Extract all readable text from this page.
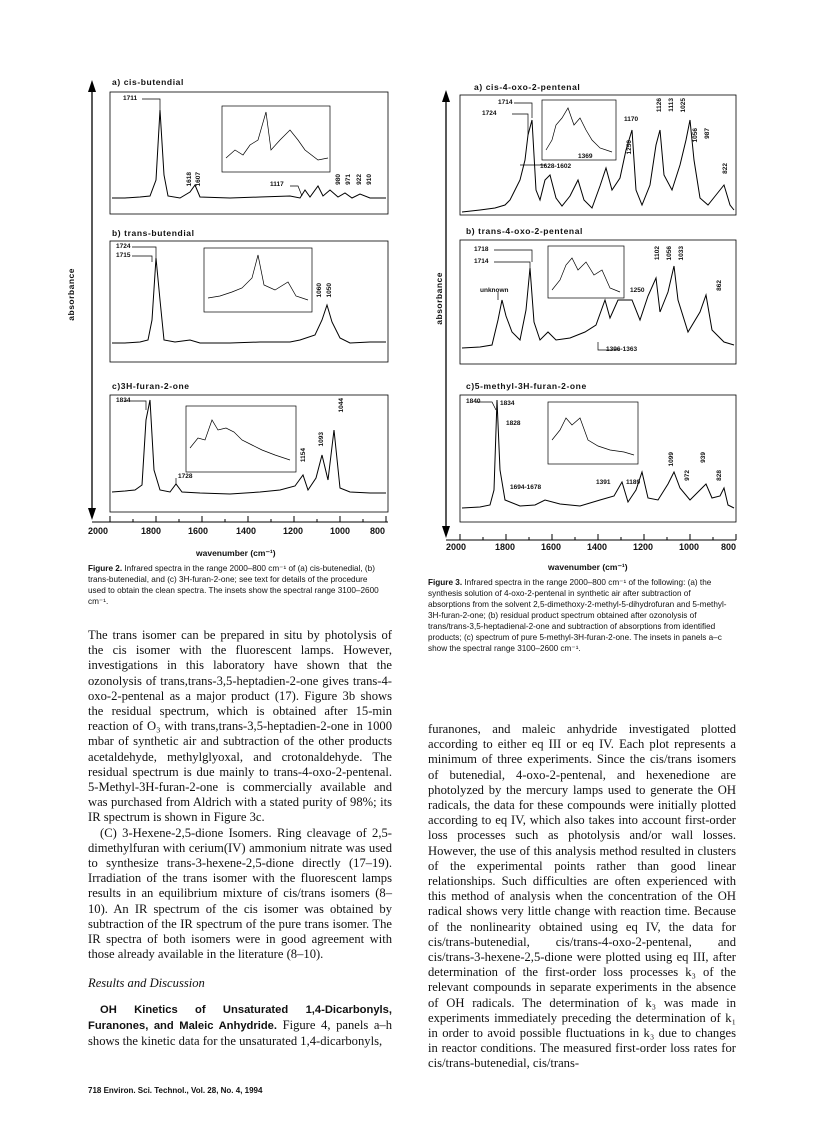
a) cis-butendial
b) trans-butendial
c)3H-furan-2-one
absorbance
1711
1117
1618 1607	980 971 922 910
1724
1715
1060 1050
1834
1728
1044
1154
1093
2000	1800	1600	1400	1200	1000 800
wavenumber (cm⁻¹)
Figure 2. Infrared spectra in the range 2000–800 cm⁻¹ of (a) cis-butenedial, (b) trans-butenedial, and (c) 3H-furan-2-one; see text for details of the procedure used to obtain the clean spectra. The insets show the spectral range 3100–2600 cm⁻¹.
a) cis-4-oxo-2-pentenal
b) trans-4-oxo-2-pentenal
c)5-methyl-3H-furan-2-one
absorbance
1714
1724
1170
1369
1628-1602
1126 1113 1025
1056 987
1250
822
1718
1714
unknown	1250
1396-1363
1102 1056 1033
862
1840	1834
1828
1391 1189
1694-1678
1099	939
972	828
2000	1800	1600	1400	1200	1000 800
wavenumber (cm⁻¹)
Figure 3. Infrared spectra in the range 2000–800 cm⁻¹ of the following: (a) the synthesis solution of 4-oxo-2-pentenal in synthetic air after subtraction of absorptions from the solvent 2,5-dimethoxy-2-methyl-5-dihydrofuran and 5-methyl-3H-furan-2-one; (b) residual product spectrum obtained after ozonolysis of trans/trans-3,5-heptadienal-2-one and subtraction of absorptions from identified products; (c) spectrum of pure 5-methyl-3H-furan-2-one. The insets in panels a–c show the spectral range 3100–2600 cm⁻¹.

The trans isomer can be prepared in situ by photolysis of the cis isomer with the fluorescent lamps. However, investigations in this laboratory have shown that the ozonolysis of trans,trans-3,5-heptadien-2-one gives trans-4-oxo-2-pentenal as a major product (17). Figure 3b shows the residual spectrum, which is obtained after 15-min reaction of O₃ with trans,trans-3,5-heptadien-2-one in 1000 mbar of synthetic air and subtraction of the other products acetaldehyde, methylglyoxal, and crotonaldehyde. The residual spectrum is due mainly to trans-4-oxo-2-pentenal. 5-Methyl-3H-furan-2-one is commercially available and was purchased from Aldrich with a stated purity of 98%; its IR spectrum is shown in Figure 3c.

(C) 3-Hexene-2,5-dione Isomers. Ring cleavage of 2,5-dimethylfuran with cerium(IV) ammonium nitrate was used to synthesize trans-3-hexene-2,5-dione directly (17–19). Irradiation of the trans isomer with the fluorescent lamps results in an equilibrium mixture of cis/trans isomers (8–10). An IR spectrum of the cis isomer was obtained by subtraction of the IR spectrum of the pure trans isomer. The IR spectra of both isomers were in good agreement with those already available in the literature (8–10).

Results and Discussion

OH Kinetics of Unsaturated 1,4-Dicarbonyls, Furanones, and Maleic Anhydride. Figure 4, panels a–h shows the kinetic data for the unsaturated 1,4-dicarbonyls,

furanones, and maleic anhydride investigated plotted according to either eq III or eq IV. Each plot represents a minimum of three experiments. Since the cis/trans isomers of butenedial, 4-oxo-2-pentenal, and hexenedione are photolyzed by the mercury lamps used to generate the OH radicals, the data for these compounds were initially plotted according to eq IV, which also takes into account first-order loss processes such as photolysis and/or wall losses. However, the use of this analysis method resulted in clusters of the experimental points rather than good linear relationships. Such difficulties are often experienced with this method of analysis when the concentration of the OH radical shows very little change with reaction time. Because of the nonlinearity obtained using eq IV, the data for cis/trans-butenedial, cis/trans-4-oxo-2-pentenal, and cis/trans-3-hexene-2,5-dione were plotted using eq III, after determination of the first-order loss processes k₃ of the relevant compounds in separate experiments in the absence of OH radicals. The determination of k₃ was made in experiments immediately preceding the determination of k₁ in order to avoid possible fluctuations in k₃ due to changes in reactor conditions. The measured first-order loss rates for cis/trans-butenedial, cis/trans-

718 Environ. Sci. Technol., Vol. 28, No. 4, 1994
